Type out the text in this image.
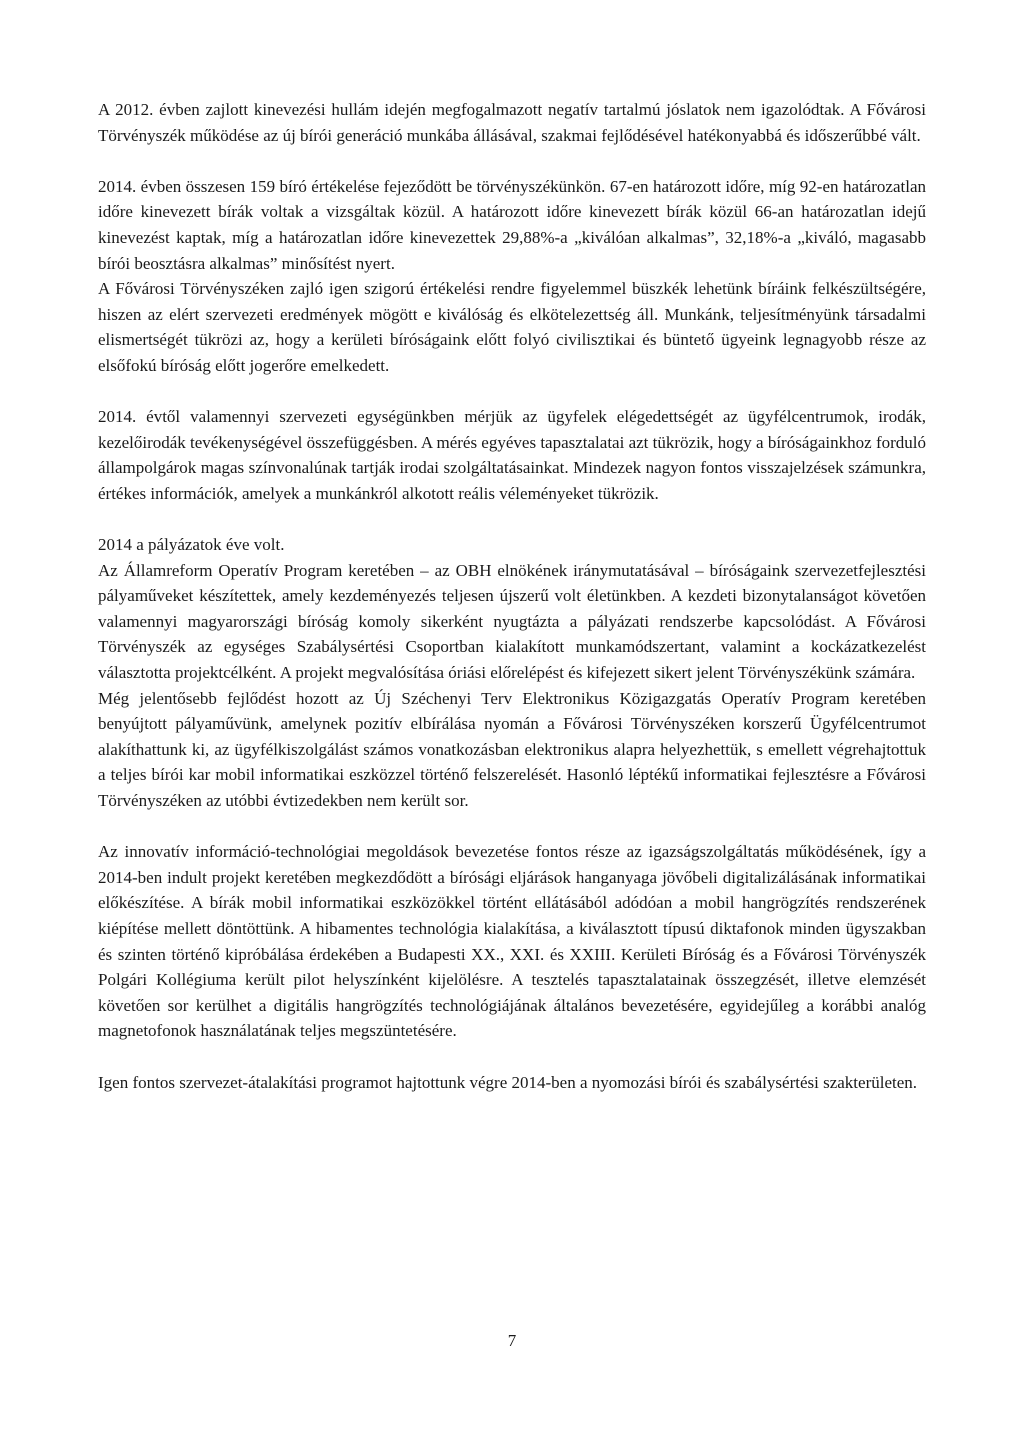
A 2012. évben zajlott kinevezési hullám idején megfogalmazott negatív tartalmú jóslatok nem igazolódtak. A Fővárosi Törvényszék működése az új bírói generáció munkába állásával, szakmai fejlődésével hatékonyabbá és időszerűbbé vált.

2014. évben összesen 159 bíró értékelése fejeződött be törvényszékünkön. 67-en határozott időre, míg 92-en határozatlan időre kinevezett bírák voltak a vizsgáltak közül. A határozott időre kinevezett bírák közül 66-an határozatlan idejű kinevezést kaptak, míg a határozatlan időre kinevezettek 29,88%-a „kiválóan alkalmas”, 32,18%-a „kiváló, magasabb bírói beosztásra alkalmas” minősítést nyert.

A Fővárosi Törvényszéken zajló igen szigorú értékelési rendre figyelemmel büszkék lehetünk bíráink felkészültségére, hiszen az elért szervezeti eredmények mögött e kiválóság és elkötelezettség áll. Munkánk, teljesítményünk társadalmi elismertségét tükrözi az, hogy a kerületi bíróságaink előtt folyó civilisztikai és büntető ügyeink legnagyobb része az elsőfokú bíróság előtt jogerőre emelkedett.

2014. évtől valamennyi szervezeti egységünkben mérjük az ügyfelek elégedettségét az ügyfélcentrumok, irodák, kezelőirodák tevékenységével összefüggésben. A mérés egyéves tapasztalatai azt tükrözik, hogy a bíróságainkhoz forduló állampolgárok magas színvonalúnak tartják irodai szolgáltatásainkat. Mindezek nagyon fontos visszajelzések számunkra, értékes információk, amelyek a munkánkról alkotott reális véleményeket tükrözik.

2014 a pályázatok éve volt.

Az Államreform Operatív Program keretében – az OBH elnökének iránymutatásával – bíróságaink szervezetfejlesztési pályaműveket készítettek, amely kezdeményezés teljesen újszerű volt életünkben. A kezdeti bizonytalanságot követően valamennyi magyarországi bíróság komoly sikerként nyugtázta a pályázati rendszerbe kapcsolódást. A Fővárosi Törvényszék az egységes Szabálysértési Csoportban kialakított munkamódszertant, valamint a kockázatkezelést választotta projektcélként. A projekt megvalósítása óriási előrelépést és kifejezett sikert jelent Törvényszékünk számára.

Még jelentősebb fejlődést hozott az Új Széchenyi Terv Elektronikus Közigazgatás Operatív Program keretében benyújtott pályaművünk, amelynek pozitív elbírálása nyomán a Fővárosi Törvényszéken korszerű Ügyfélcentrumot alakíthattunk ki, az ügyfélkiszolgálást számos vonatkozásban elektronikus alapra helyezhettük, s emellett végrehajtottuk a teljes bírói kar mobil informatikai eszközzel történő felszerelését. Hasonló léptékű informatikai fejlesztésre a Fővárosi Törvényszéken az utóbbi évtizedekben nem került sor.

Az innovatív információ-technológiai megoldások bevezetése fontos része az igazságszolgáltatás működésének, így a 2014-ben indult projekt keretében megkezdődött a bírósági eljárások hanganyaga jövőbeli digitalizálásának informatikai előkészítése. A bírák mobil informatikai eszközökkel történt ellátásából adódóan a mobil hangrögzítés rendszerének kiépítése mellett döntöttünk. A hibamentes technológia kialakítása, a kiválasztott típusú diktafonok minden ügyszakban és szinten történő kipróbálása érdekében a Budapesti XX., XXI. és XXIII. Kerületi Bíróság és a Fővárosi Törvényszék Polgári Kollégiuma került pilot helyszínként kijelölésre. A tesztelés tapasztalatainak összegzését, illetve elemzését követően sor kerülhet a digitális hangrögzítés technológiájának általános bevezetésére, egyidejűleg a korábbi analóg magnetofonok használatának teljes megszüntetésére.

Igen fontos szervezet-átalakítási programot hajtottunk végre 2014-ben a nyomozási bírói és szabálysértési szakterületen.

7
